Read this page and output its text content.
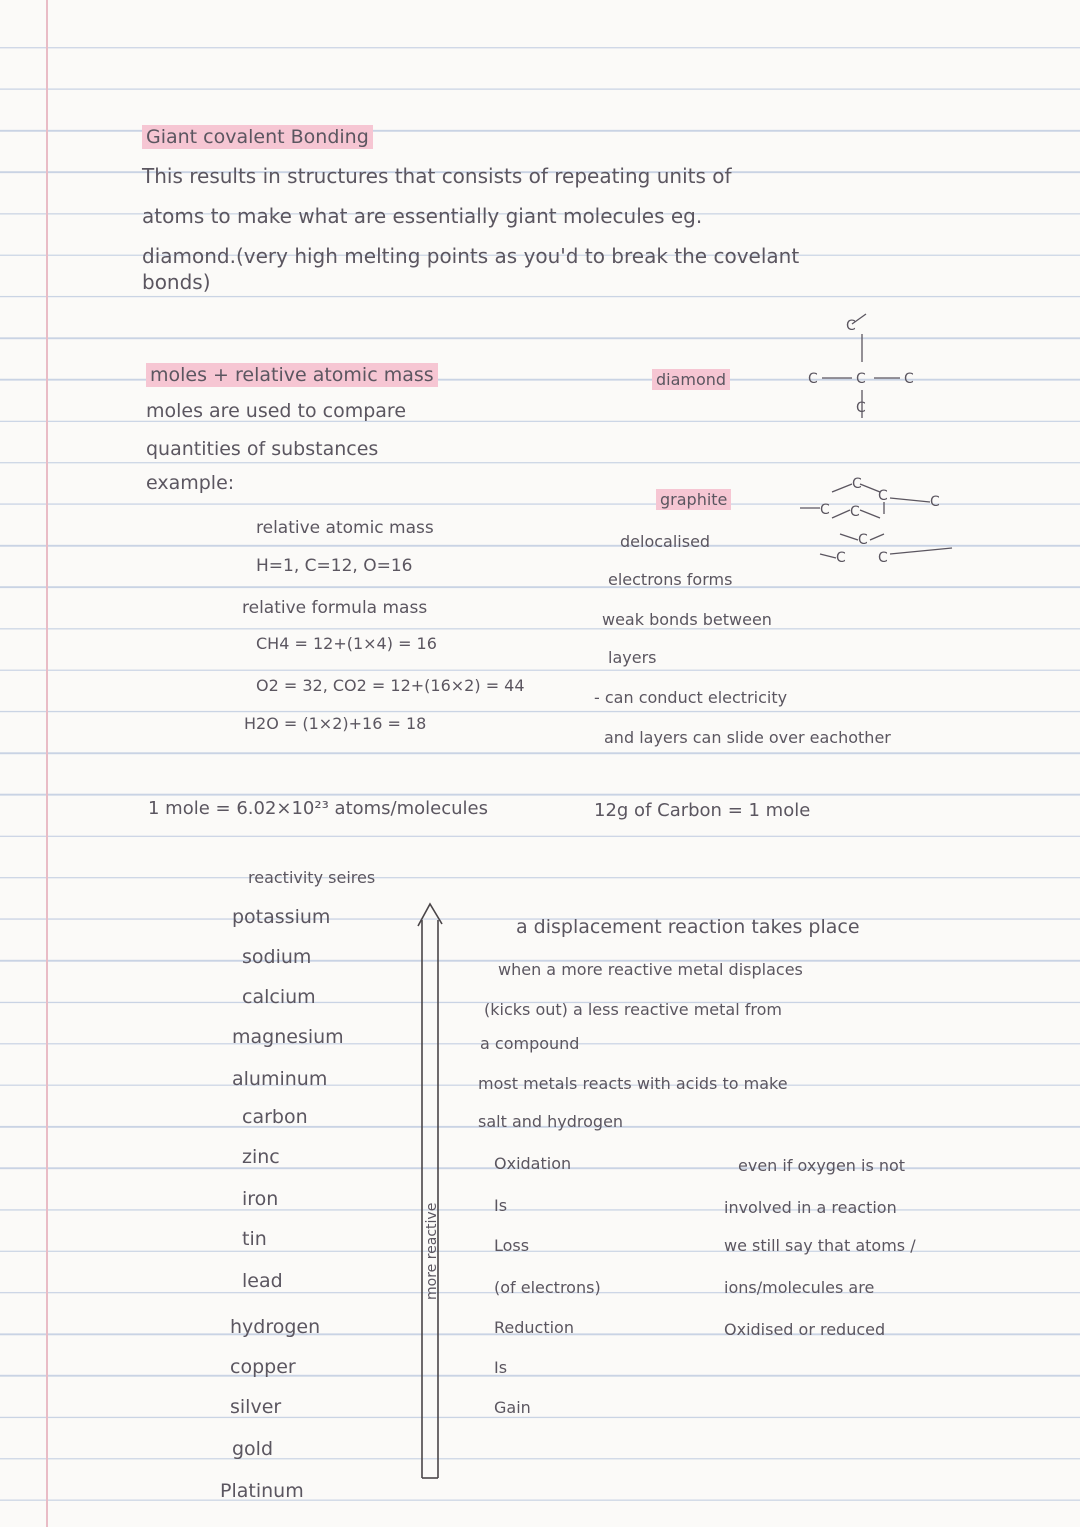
Giant covalent Bonding
This results in structures that consists of repeating units of
atoms to make what are essentially giant molecules eg.
diamond.(very high melting points as you'd to break the covelant
bonds)
moles + relative atomic mass
moles are used to compare
quantities of substances
example:
relative atomic mass
H=1, C=12, O=16
relative formula mass
CH4 = 12+(1×4) = 16
O2 = 32, CO2 = 12+(16×2) = 44
H2O = (1×2)+16 = 18
1 mole = 6.02×10²³ atoms/molecules	12g of Carbon = 1 mole
diamond	C
C
C	C
C
graphite
C
C
C
C
C
C
C C
delocalised
electrons forms
weak bonds between
layers
- can conduct electricity
and layers can slide over eachother
reactivity seires
potassium
sodium
calcium
magnesium
aluminum
carbon
zinc
iron
tin
lead
hydrogen
copper
silver
gold
Platinum
more reactive
a displacement reaction takes place
when a more reactive metal displaces
(kicks out) a less reactive metal from
a compound
most metals reacts with acids to make
salt and hydrogen
Oxidation
Is
Loss
(of electrons)
Reduction
Is
Gain
even if oxygen is not
involved in a reaction
we still say that atoms /
ions/molecules are
Oxidised or reduced
